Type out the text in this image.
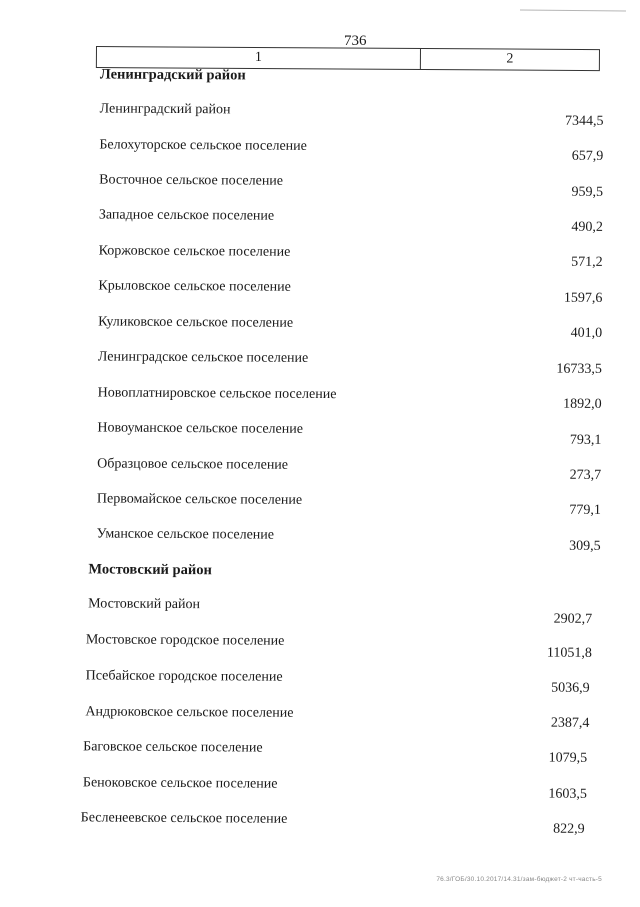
736
1	2
Ленинградский район
Ленинградский район
7344,5
Белохуторское сельское поселение
657,9
Восточное сельское поселение
959,5
Западное сельское поселение
490,2
Коржовское сельское поселение
571,2
Крыловское сельское поселение
1597,6
Куликовское сельское поселение
401,0
Ленинградское сельское поселение
16733,5
Новоплатнировское сельское поселение
1892,0
Новоуманское сельское поселение
793,1
Образцовое сельское поселение
273,7
Первомайское сельское поселение
779,1
Уманское сельское поселение
309,5
Мостовский район
Мостовский район
2902,7
Мостовское городское поселение
11051,8
Псебайское городское поселение
5036,9
Андрюковское сельское поселение
2387,4
Баговское сельское поселение
1079,5
Беноковское сельское поселение
1603,5
Бесленеевское сельское поселение
822,9
76.3/ГОБ/30.10.2017/14.31/зам-бюджет-2 чт-часть-5
